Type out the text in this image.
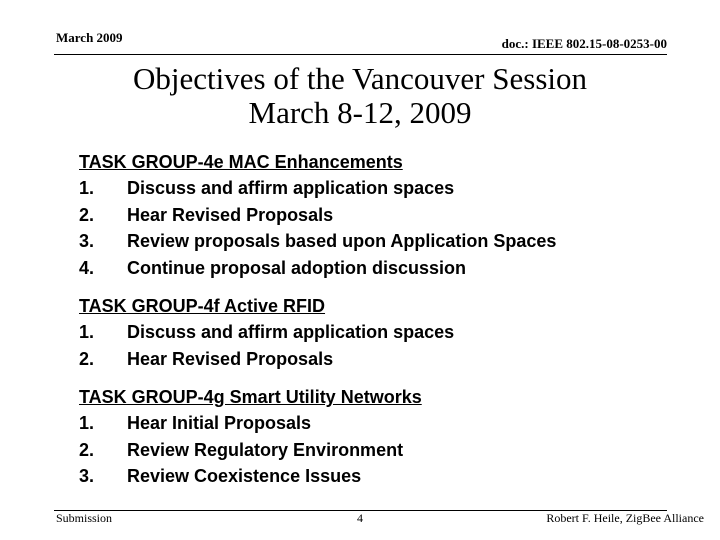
March 2009	doc.: IEEE 802.15-08-0253-00
Objectives of the Vancouver Session
March 8-12, 2009
TASK GROUP-4e MAC Enhancements
1.	Discuss and affirm application spaces
2.	Hear Revised Proposals
3.	Review proposals based upon Application Spaces
4.	Continue proposal adoption discussion
TASK GROUP-4f Active RFID
1.	Discuss and affirm application spaces
2.	Hear Revised Proposals
TASK GROUP-4g Smart Utility Networks
1.	Hear Initial Proposals
2.	Review Regulatory Environment
3.	Review Coexistence Issues
Submission	4	Robert F. Heile, ZigBee Alliance
